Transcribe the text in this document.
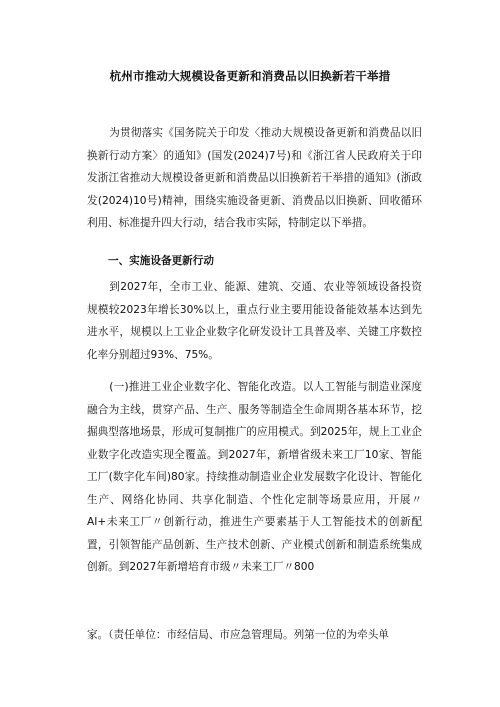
杭州市推动大规模设备更新和消费品以旧换新若干举措
为贯彻落实《国务院关于印发〈推动大规模设备更新和消费品以旧换新行动方案〉的通知》(国发(2024)7号)和《浙江省人民政府关于印发浙江省推动大规模设备更新和消费品以旧换新若干举措的通知》(浙政发(2024)10号)精神，围绕实施设备更新、消费品以旧换新、回收循环利用、标准提升四大行动，结合我市实际，特制定以下举措。
一、实施设备更新行动
到2027年，全市工业、能源、建筑、交通、农业等领域设备投资规模较2023年增长30%以上，重点行业主要用能设备能效基本达到先进水平，规模以上工业企业数字化研发设计工具普及率、关键工序数控化率分别超过93%、75%。
(一)推进工业企业数字化、智能化改造。以人工智能与制造业深度融合为主线，贯穿产品、生产、服务等制造全生命周期各基本环节，挖掘典型落地场景，形成可复制推广的应用模式。到2025年，规上工业企业数字化改造实现全覆盖。到2027年，新增省级未来工厂10家、智能工厂(数字化车间)80家。持续推动制造业企业发展数字化设计、智能化生产、网络化协同、共享化制造、个性化定制等场景应用，开展〃AI+未来工厂〃创新行动，推进生产要素基于人工智能技术的创新配置，引领智能产品创新、生产技术创新、产业模式创新和制造系统集成创新。到2027年新增培育市级〃未来工厂〃800
家。（责任单位：市经信局、市应急管理局。列第一位的为牵头单
